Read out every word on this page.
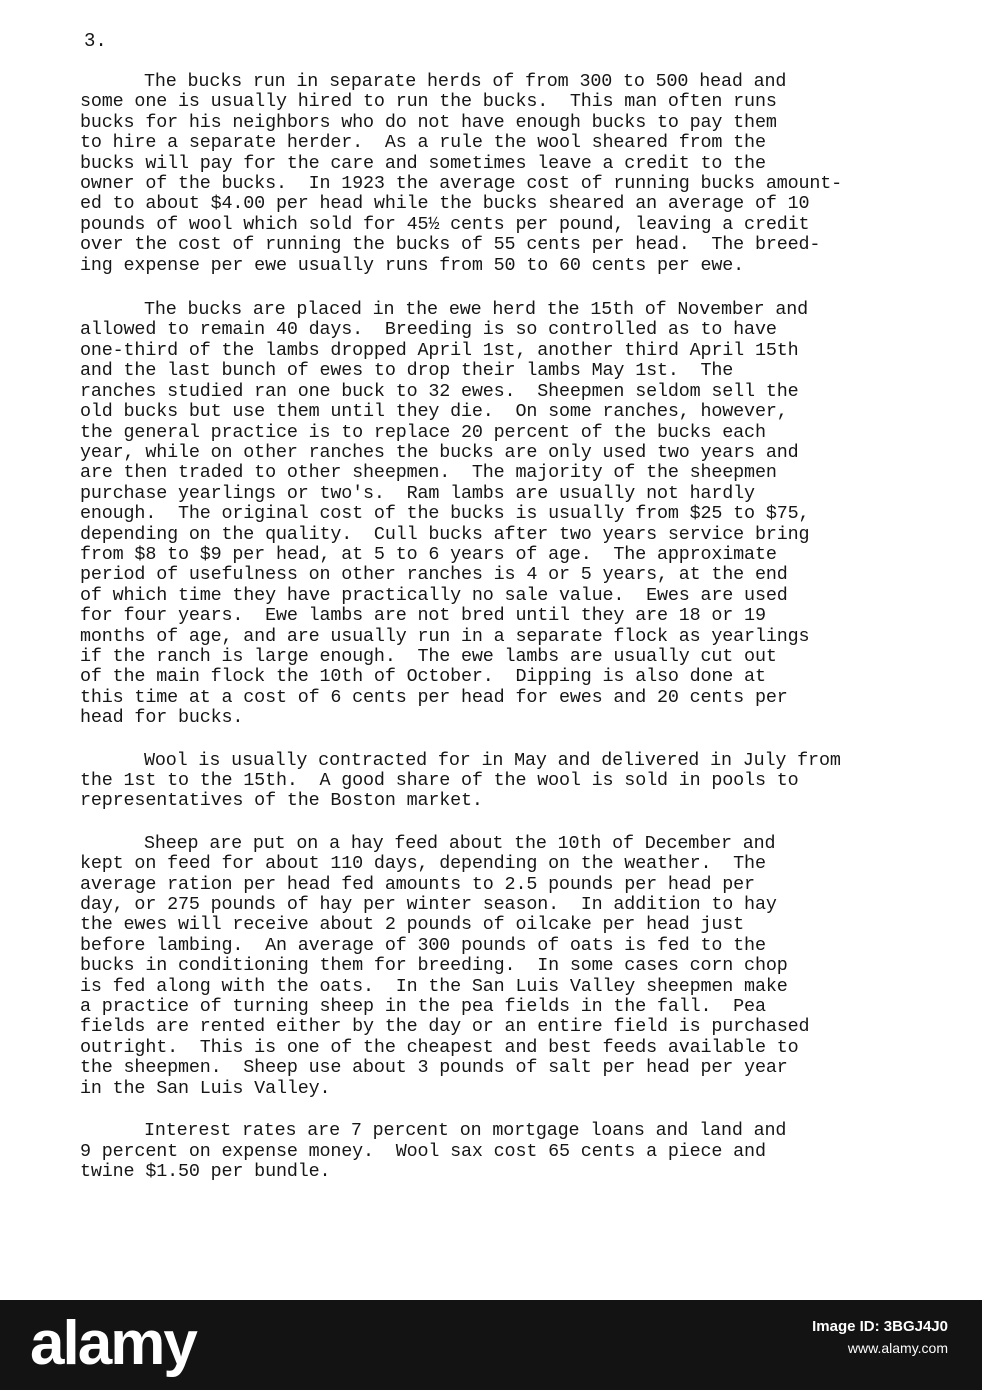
3.

The bucks run in separate herds of from 300 to 500 head and
some one is usually hired to run the bucks.  This man often runs
bucks for his neighbors who do not have enough bucks to pay them
to hire a separate herder.  As a rule the wool sheared from the
bucks will pay for the care and sometimes leave a credit to the
owner of the bucks.  In 1923 the average cost of running bucks amount-
ed to about $4.00 per head while the bucks sheared an average of 10
pounds of wool which sold for 45½ cents per pound, leaving a credit
over the cost of running the bucks of 55 cents per head.  The breed-
ing expense per ewe usually runs from 50 to 60 cents per ewe.

The bucks are placed in the ewe herd the 15th of November and
allowed to remain 40 days.  Breeding is so controlled as to have
one-third of the lambs dropped April 1st, another third April 15th
and the last bunch of ewes to drop their lambs May 1st.  The
ranches studied ran one buck to 32 ewes.  Sheepmen seldom sell the
old bucks but use them until they die.  On some ranches, however,
the general practice is to replace 20 percent of the bucks each
year, while on other ranches the bucks are only used two years and
are then traded to other sheepmen.  The majority of the sheepmen
purchase yearlings or two's.  Ram lambs are usually not hardly
enough.  The original cost of the bucks is usually from $25 to $75,
depending on the quality.  Cull bucks after two years service bring
from $8 to $9 per head, at 5 to 6 years of age.  The approximate
period of usefulness on other ranches is 4 or 5 years, at the end
of which time they have practically no sale value.  Ewes are used
for four years.  Ewe lambs are not bred until they are 18 or 19
months of age, and are usually run in a separate flock as yearlings
if the ranch is large enough.  The ewe lambs are usually cut out
of the main flock the 10th of October.  Dipping is also done at
this time at a cost of 6 cents per head for ewes and 20 cents per
head for bucks.

Wool is usually contracted for in May and delivered in July from
the 1st to the 15th.  A good share of the wool is sold in pools to
representatives of the Boston market.

Sheep are put on a hay feed about the 10th of December and
kept on feed for about 110 days, depending on the weather.  The
average ration per head fed amounts to 2.5 pounds per head per
day, or 275 pounds of hay per winter season.  In addition to hay
the ewes will receive about 2 pounds of oilcake per head just
before lambing.  An average of 300 pounds of oats is fed to the
bucks in conditioning them for breeding.  In some cases corn chop
is fed along with the oats.  In the San Luis Valley sheepmen make
a practice of turning sheep in the pea fields in the fall.  Pea
fields are rented either by the day or an entire field is purchased
outright.  This is one of the cheapest and best feeds available to
the sheepmen.  Sheep use about 3 pounds of salt per head per year
in the San Luis Valley.

Interest rates are 7 percent on mortgage loans and land and
9 percent on expense money.  Wool sax cost 65 cents a piece and
twine $1.50 per bundle.

alamy	Image ID: 3BGJ4J0
www.alamy.com
